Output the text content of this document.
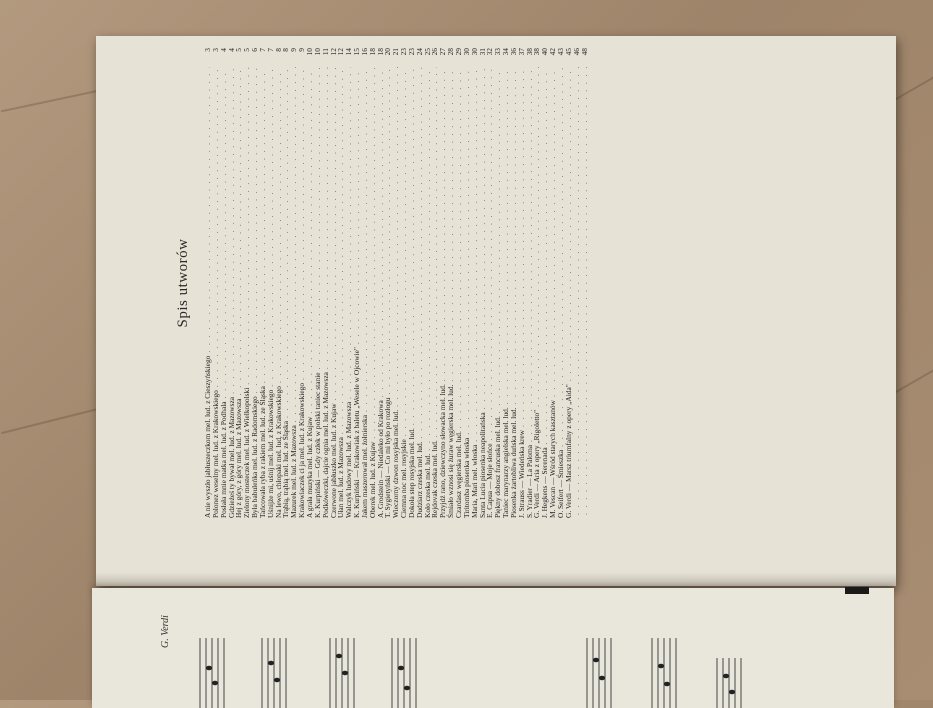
Spis utworów
A nie wyszło jabłuszeczkom mel. lud. z Cieszyńskiego
. . .
3
Polonez weselny mel. lud. z Krakowskiego
. . .
3
Posłała mnie matka mel. lud. z Podhala
. . .
4
Gdzieżeś ty bywał mel. lud. z Mazowsza
. . .
4
Hej z góry, z góry mel. lud. z Mazowsza
. . .
5
Zielony mosteczek mel. lud. z Wielkopolski
. . .
5
Była babuleńka mel. lud. z Radomskiego
. . .
6
Tańcowała ryba z rakiem mel. lud. ze Śląska
. . .
7
Uśnijże mi, uśnij mel. lud. z Krakowskiego
. . .
7
Na lewo, chłopaki mel. lud. z Krakowskiego
. . .
8
Trąbią, trąbią mel. lud. ze Śląska
. . .
8
Mazurek mel. lud. z Mazowsza
. . .
9
Krakowiaczek ci ja mel. lud. z Krakowskiego
. . .
9
A grała muzyka mel. lud. z Kujaw
. . .
10
K. Kurpiński — Gdy człek w polski taniec stanie
. . .
10
Podkóweczki, dajcie ognia mel. lud. z Mazowsza
. . .
11
Czerwone jabłuszko mel. lud. z Kujaw
. . .
12
Ułan mel. lud. z Mazowsza
. . .
12
Walczyk ludowy mel. lud. z Mazowsza
. . .
14
K. Kurpiński — Krakowiak z baletu „Wesele w Ojcowie"
. . .
15
Jakem maszerował mel. żołnierska
. . .
16
Oberek mel. lud. z Kujaw
. . .
18
A. Grodstein — Niedaleko od Krakowa
. . .
18
T. Sygietyński — Co mi było po rozłogu
. . .
20
Wieczorny dzwon rosyjska mel. lud.
. . .
21
Ciemna noc mel. rosyjskie
. . .
23
Dokoła step rosyjska mel. lud.
. . .
23
Dudziarz czeska mel. lud.
. . .
24
Koło czeska mel. lud.
. . .
25
Rejdovak czeska mel. lud.
. . .
26
Przyjdź rano, dziewczyno słowacka mel. lud.
. . .
27
Śmiało wznosi się żuraw węgierska mel. lud.
. . .
28
Czardasz węgierska mel. lud.
. . .
29
Tiritomba piosenka włoska
. . .
30
Maria, Mari mel. włoska
. . .
30
Santa Lucia piosenka neapolitańska
. . .
31
E. Capua — Moje słońce
. . .
32
Piękny dobosz francuska mel. lud.
. . .
33
Taniec marynarzy angielska mel. lud.
. . .
34
Piosenka żartobliwa duńska mel. lud.
. . .
36
J. Strauss — Wiedeńska krew
. . .
37
S. Yradier — La Paloma
. . .
38
G. Verdi — Aria z opery „Rigoletto"
. . .
38
J. Hegkens — Serenada
. . .
40
M. Vescan — Wśród starych kasztanów
. . .
42
O. Seifert — Śmieszka
. . .
43
G. Verdi — Marsz triumfalny z opery „Aida"
. . .
45
. . .
46
. . .
48
G. Verdi
